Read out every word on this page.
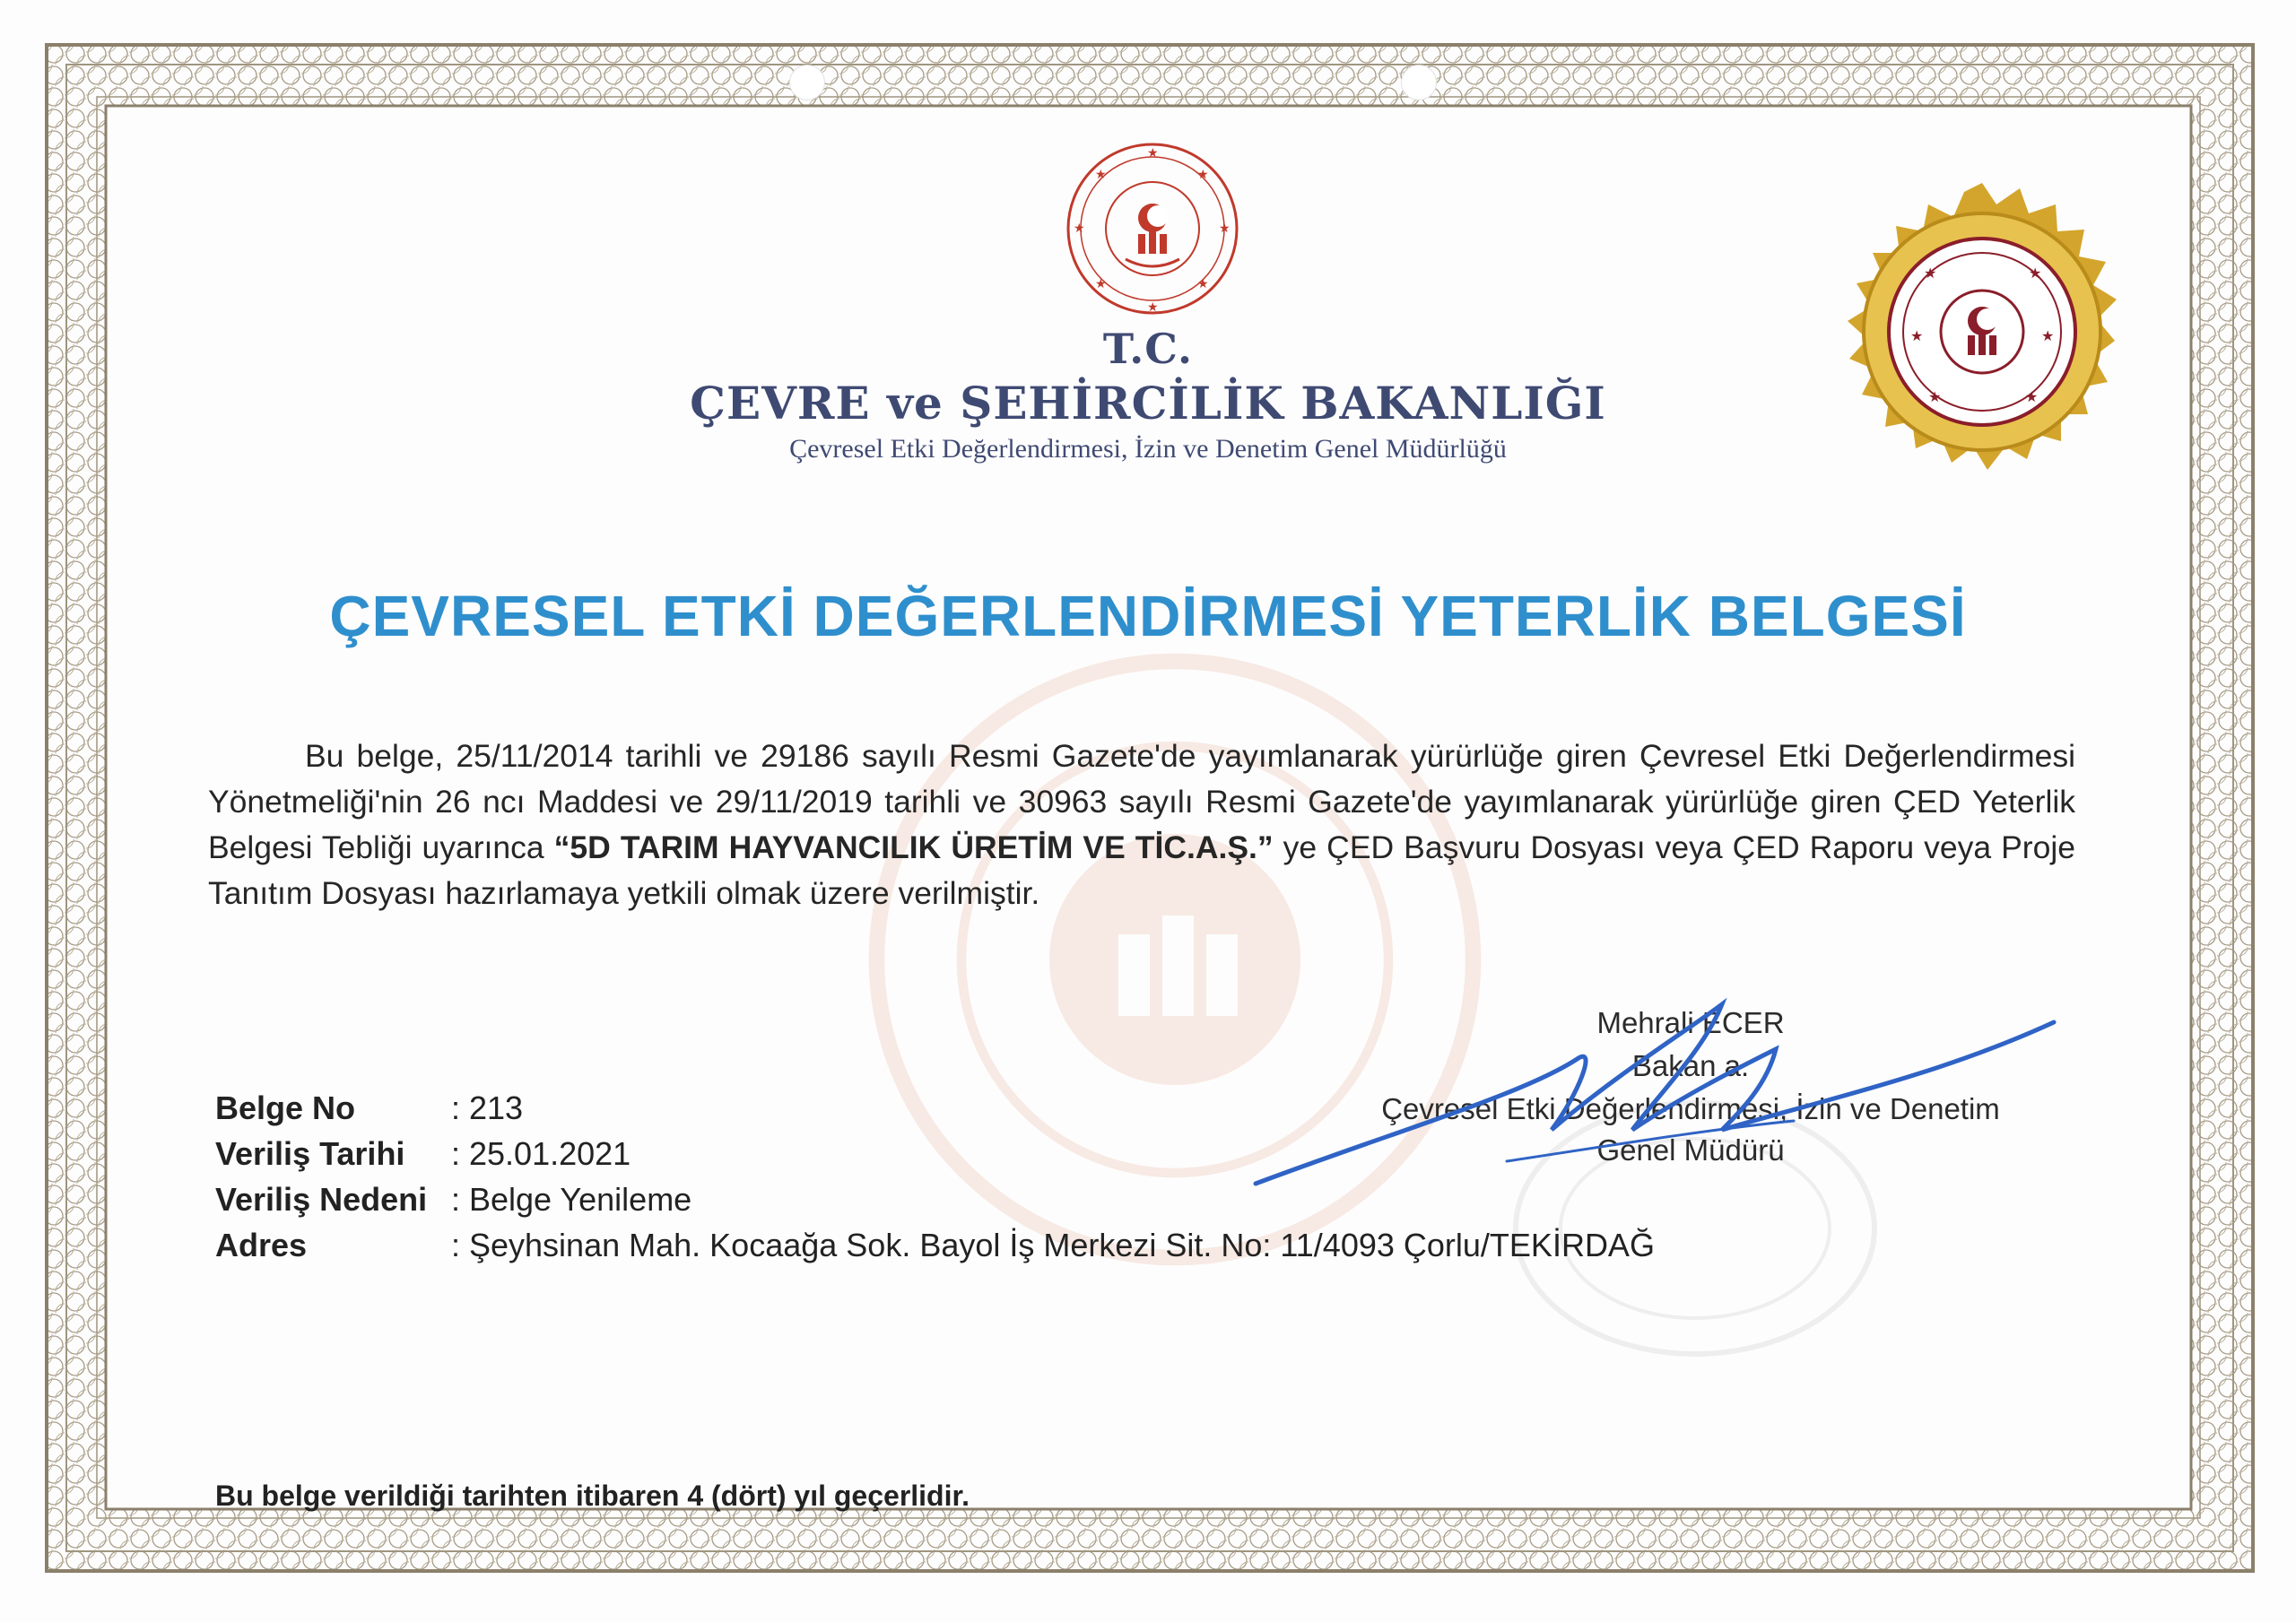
★
★
★
★
★
★
★
★
★	★
★	★
★	★
T.C.
ÇEVRE ve ŞEHİRCİLİK BAKANLIĞI
Çevresel Etki Değerlendirmesi, İzin ve Denetim Genel Müdürlüğü
ÇEVRESEL ETKİ DEĞERLENDİRMESİ YETERLİK BELGESİ
Bu belge, 25/11/2014 tarihli ve 29186 sayılı Resmi Gazete'de yayımlanarak yürürlüğe giren Çevresel Etki Değerlendirmesi Yönetmeliği'nin 26 ncı Maddesi ve 29/11/2019 tarihli ve 30963 sayılı Resmi Gazete'de yayımlanarak yürürlüğe giren ÇED Yeterlik Belgesi Tebliği uyarınca “5D TARIM HAYVANCILIK ÜRETİM VE TİC.A.Ş.” ye ÇED Başvuru Dosyası veya ÇED Raporu veya Proje Tanıtım Dosyası hazırlamaya yetkili olmak üzere verilmiştir.
Mehrali ECER
Bakan a.
Çevresel Etki Değerlendirmesi, İzin ve Denetim
Genel Müdürü
Belge No	: 213
Veriliş Tarihi	: 25.01.2021
Veriliş Nedeni : Belge Yenileme
Adres	: Şeyhsinan Mah. Kocaağa Sok. Bayol İş Merkezi Sit. No: 11/4093 Çorlu/TEKİRDAĞ
Bu belge verildiği tarihten itibaren 4 (dört) yıl geçerlidir.
